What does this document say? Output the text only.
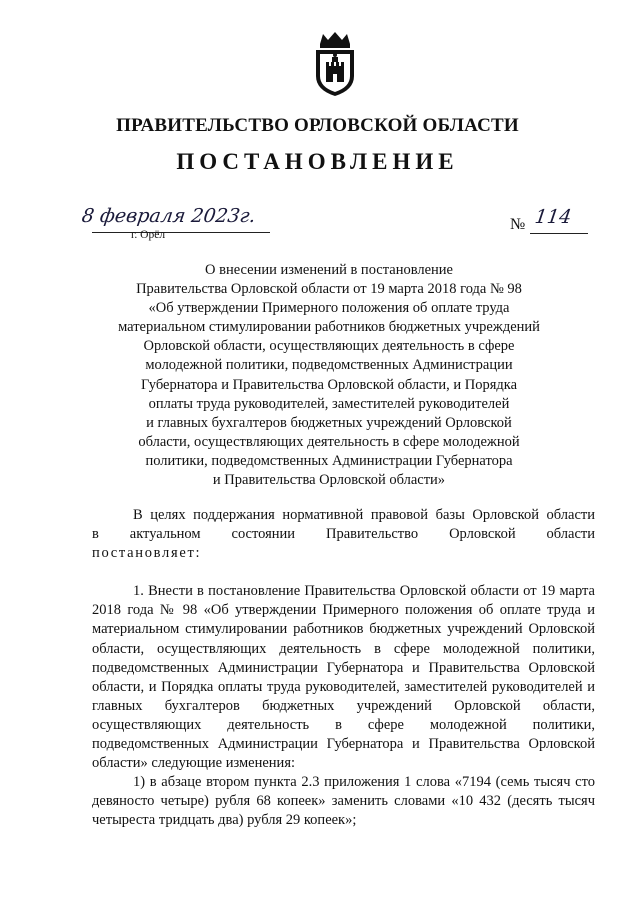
ПРАВИТЕЛЬСТВО ОРЛОВСКОЙ ОБЛАСТИ
ПОСТАНОВЛЕНИЕ
8 февраля 2023г.
г. Орёл
№ 114
О внесении изменений в постановление
Правительства Орловской области от 19 марта 2018 года № 98
«Об утверждении Примерного положения об оплате труда
материальном стимулировании работников бюджетных учреждений
Орловской области, осуществляющих деятельность в сфере
молодежной политики, подведомственных Администрации
Губернатора и Правительства Орловской области, и Порядка
оплаты труда руководителей, заместителей руководителей
и главных бухгалтеров бюджетных учреждений Орловской
области, осуществляющих деятельность в сфере молодежной
политики, подведомственных Администрации Губернатора
и Правительства Орловской области»

В целях поддержания нормативной правовой базы Орловской области

в актуальном состоянии Правительство Орловской области

постановляет:

1. Внести в постановление Правительства Орловской области от 19 марта 2018 года № 98 «Об утверждении Примерного положения об оплате труда и материальном стимулировании работников бюджетных учреждений Орловской области, осуществляющих деятельность в сфере молодежной политики, подведомственных Администрации Губернатора и Правительства Орловской области, и Порядка оплаты труда руководителей, заместителей руководителей и главных бухгалтеров бюджетных учреждений Орловской области, осуществляющих деятельность в сфере молодежной политики, подведомственных Администрации Губернатора и Правительства Орловской области» следующие изменения:

1) в абзаце втором пункта 2.3 приложения 1 слова «7194 (семь тысяч сто девяносто четыре) рубля 68 копеек» заменить словами «10 432 (десять тысяч четыреста тридцать два) рубля 29 копеек»;
